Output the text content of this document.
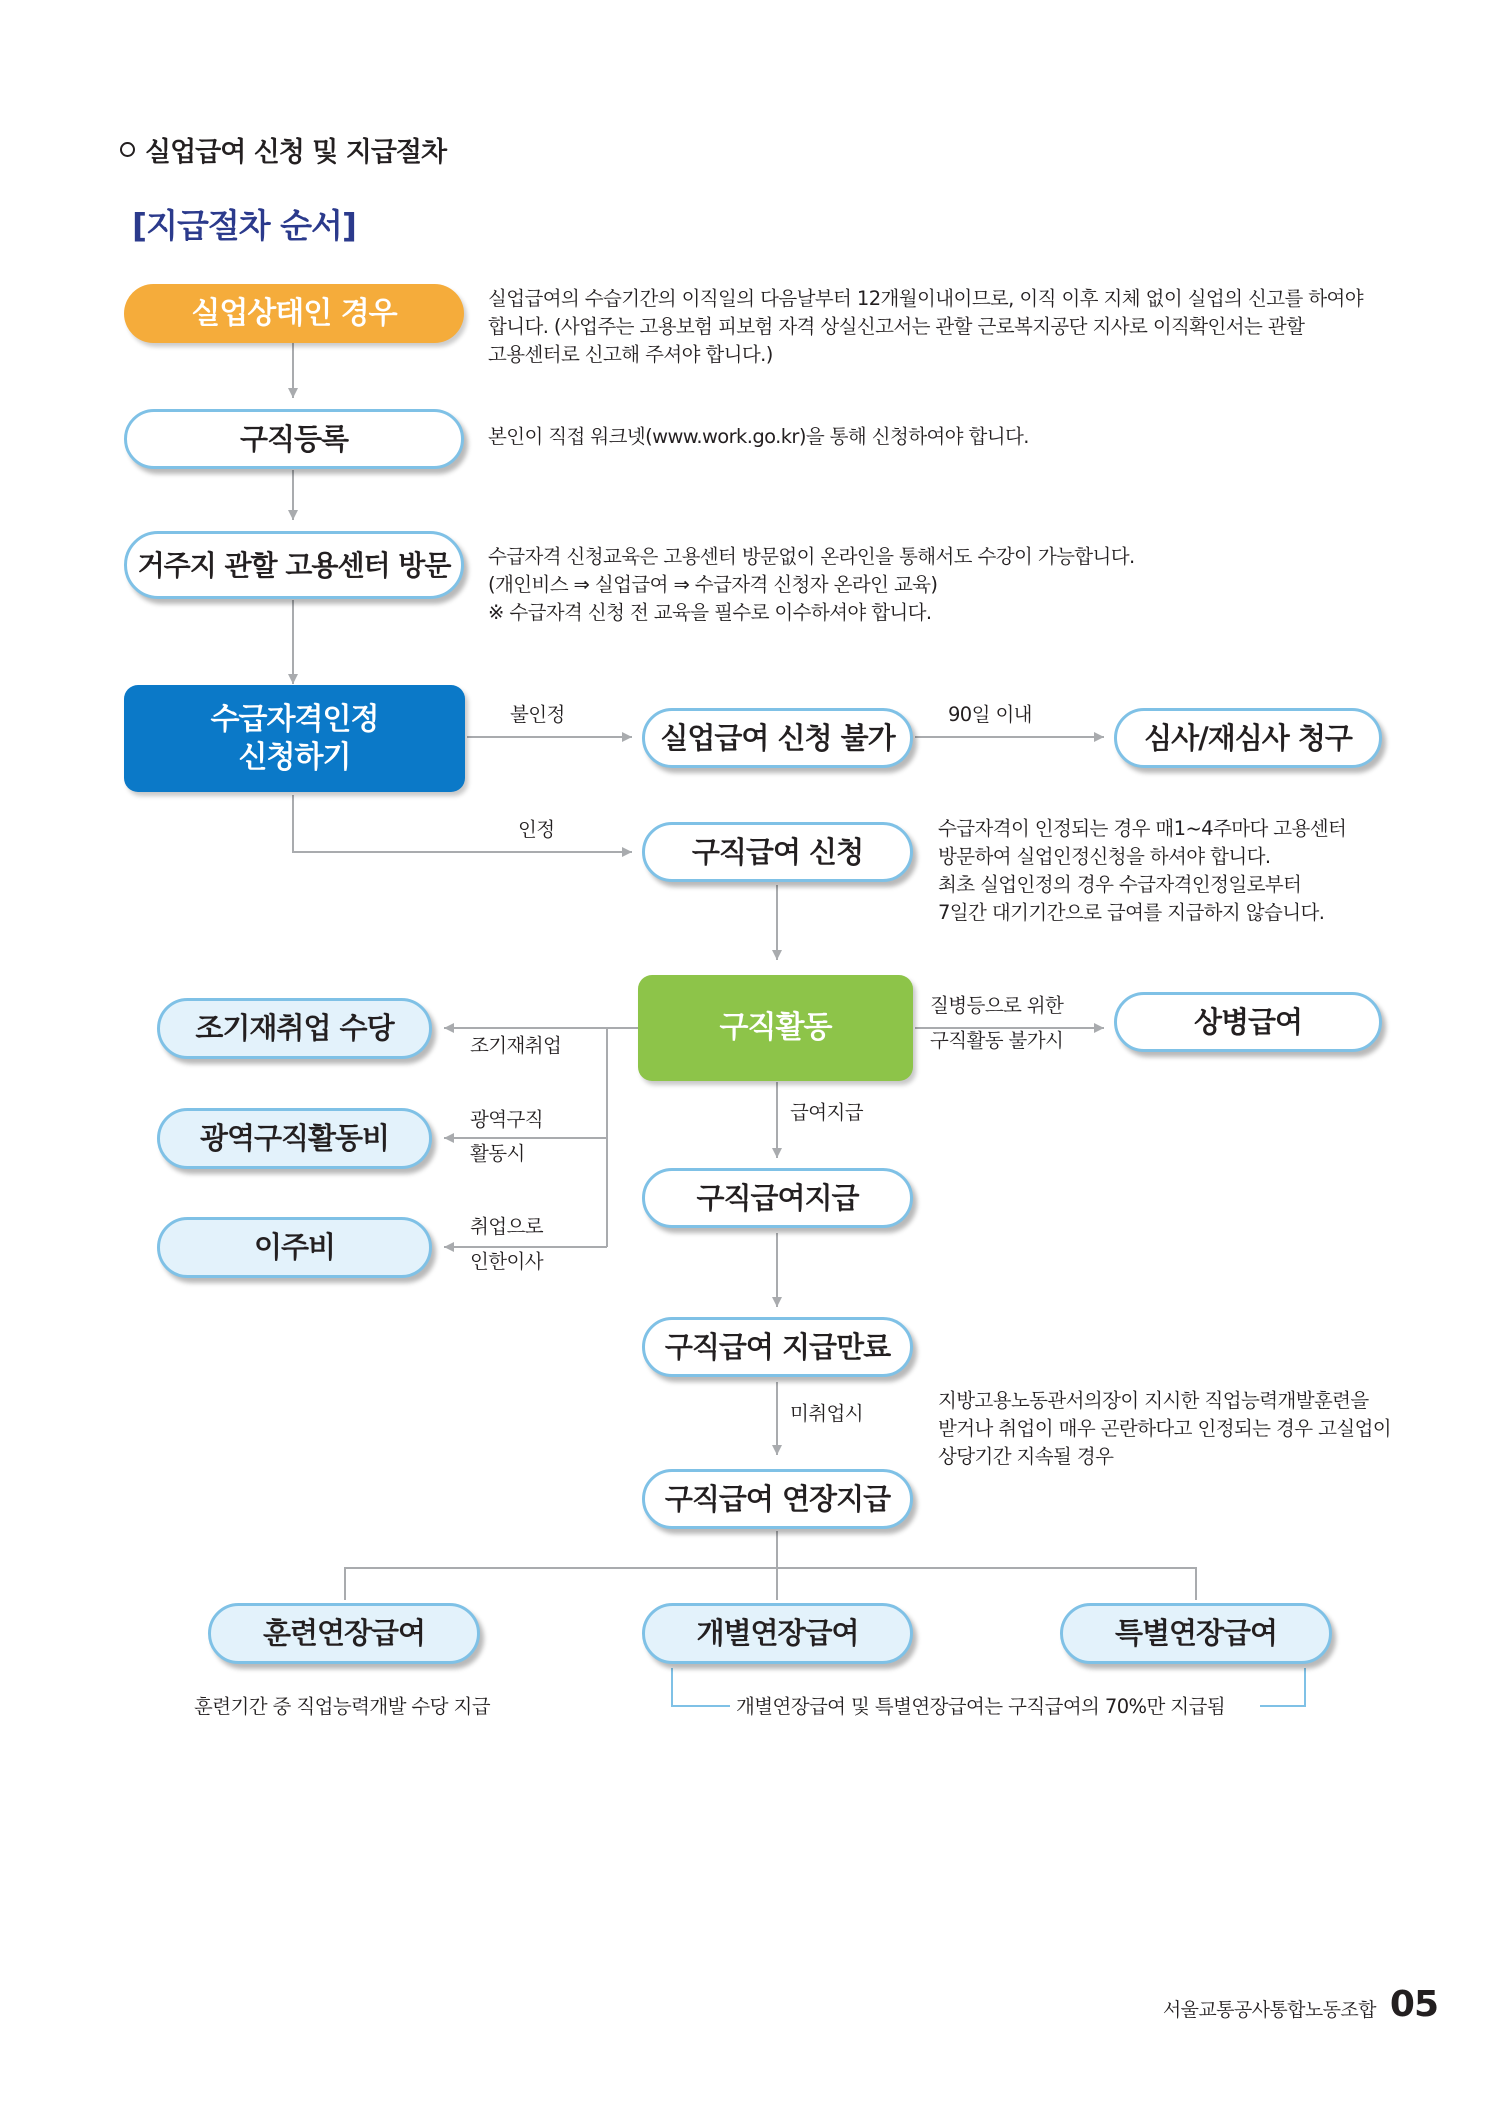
실업급여 신청 및 지급절차
[지급절차 순서]
실업상태인 경우
구직등록
거주지 관할 고용센터 방문
수급자격인정
신청하기
실업급여 신청 불가	심사/재심사 청구
구직급여 신청
구직활동	상병급여
조기재취업 수당
광역구직활동비
이주비
구직급여지급
구직급여 지급만료
구직급여 연장지급
훈련연장급여	개별연장급여	특별연장급여
실업급여의 수습기간의 이직일의 다음날부터 12개월이내이므로, 이직 이후 지체 없이 실업의 신고를 하여야
합니다. (사업주는 고용보험 피보험 자격 상실신고서는 관할 근로복지공단 지사로 이직확인서는 관할
고용센터로 신고해 주셔야 합니다.)
본인이 직접 워크넷(www.work.go.kr)을 통해 신청하여야 합니다.
수급자격 신청교육은 고용센터 방문없이 온라인을 통해서도 수강이 가능합니다.
(개인비스 ⇒ 실업급여 ⇒ 수급자격 신청자 온라인 교육)
※ 수급자격 신청 전 교육을 필수로 이수하셔야 합니다.
수급자격이 인정되는 경우 매1~4주마다 고용센터
방문하여 실업인정신청을 하셔야 합니다.
최초 실업인정의 경우 수급자격인정일로부터
7일간 대기기간으로 급여를 지급하지 않습니다.
지방고용노동관서의장이 지시한 직업능력개발훈련을
받거나 취업이 매우 곤란하다고 인정되는 경우 고실업이
상당기간 지속될 경우
훈련기간 중 직업능력개발 수당 지급	개별연장급여 및 특별연장급여는 구직급여의 70%만 지급됨
불인정	90일 이내
인정
질병등으로 위한
구직활동 불가시
조기재취업
광역구직
활동시
취업으로
인한이사
급여지급
미취업시
서울교통공사통합노동조합 05
